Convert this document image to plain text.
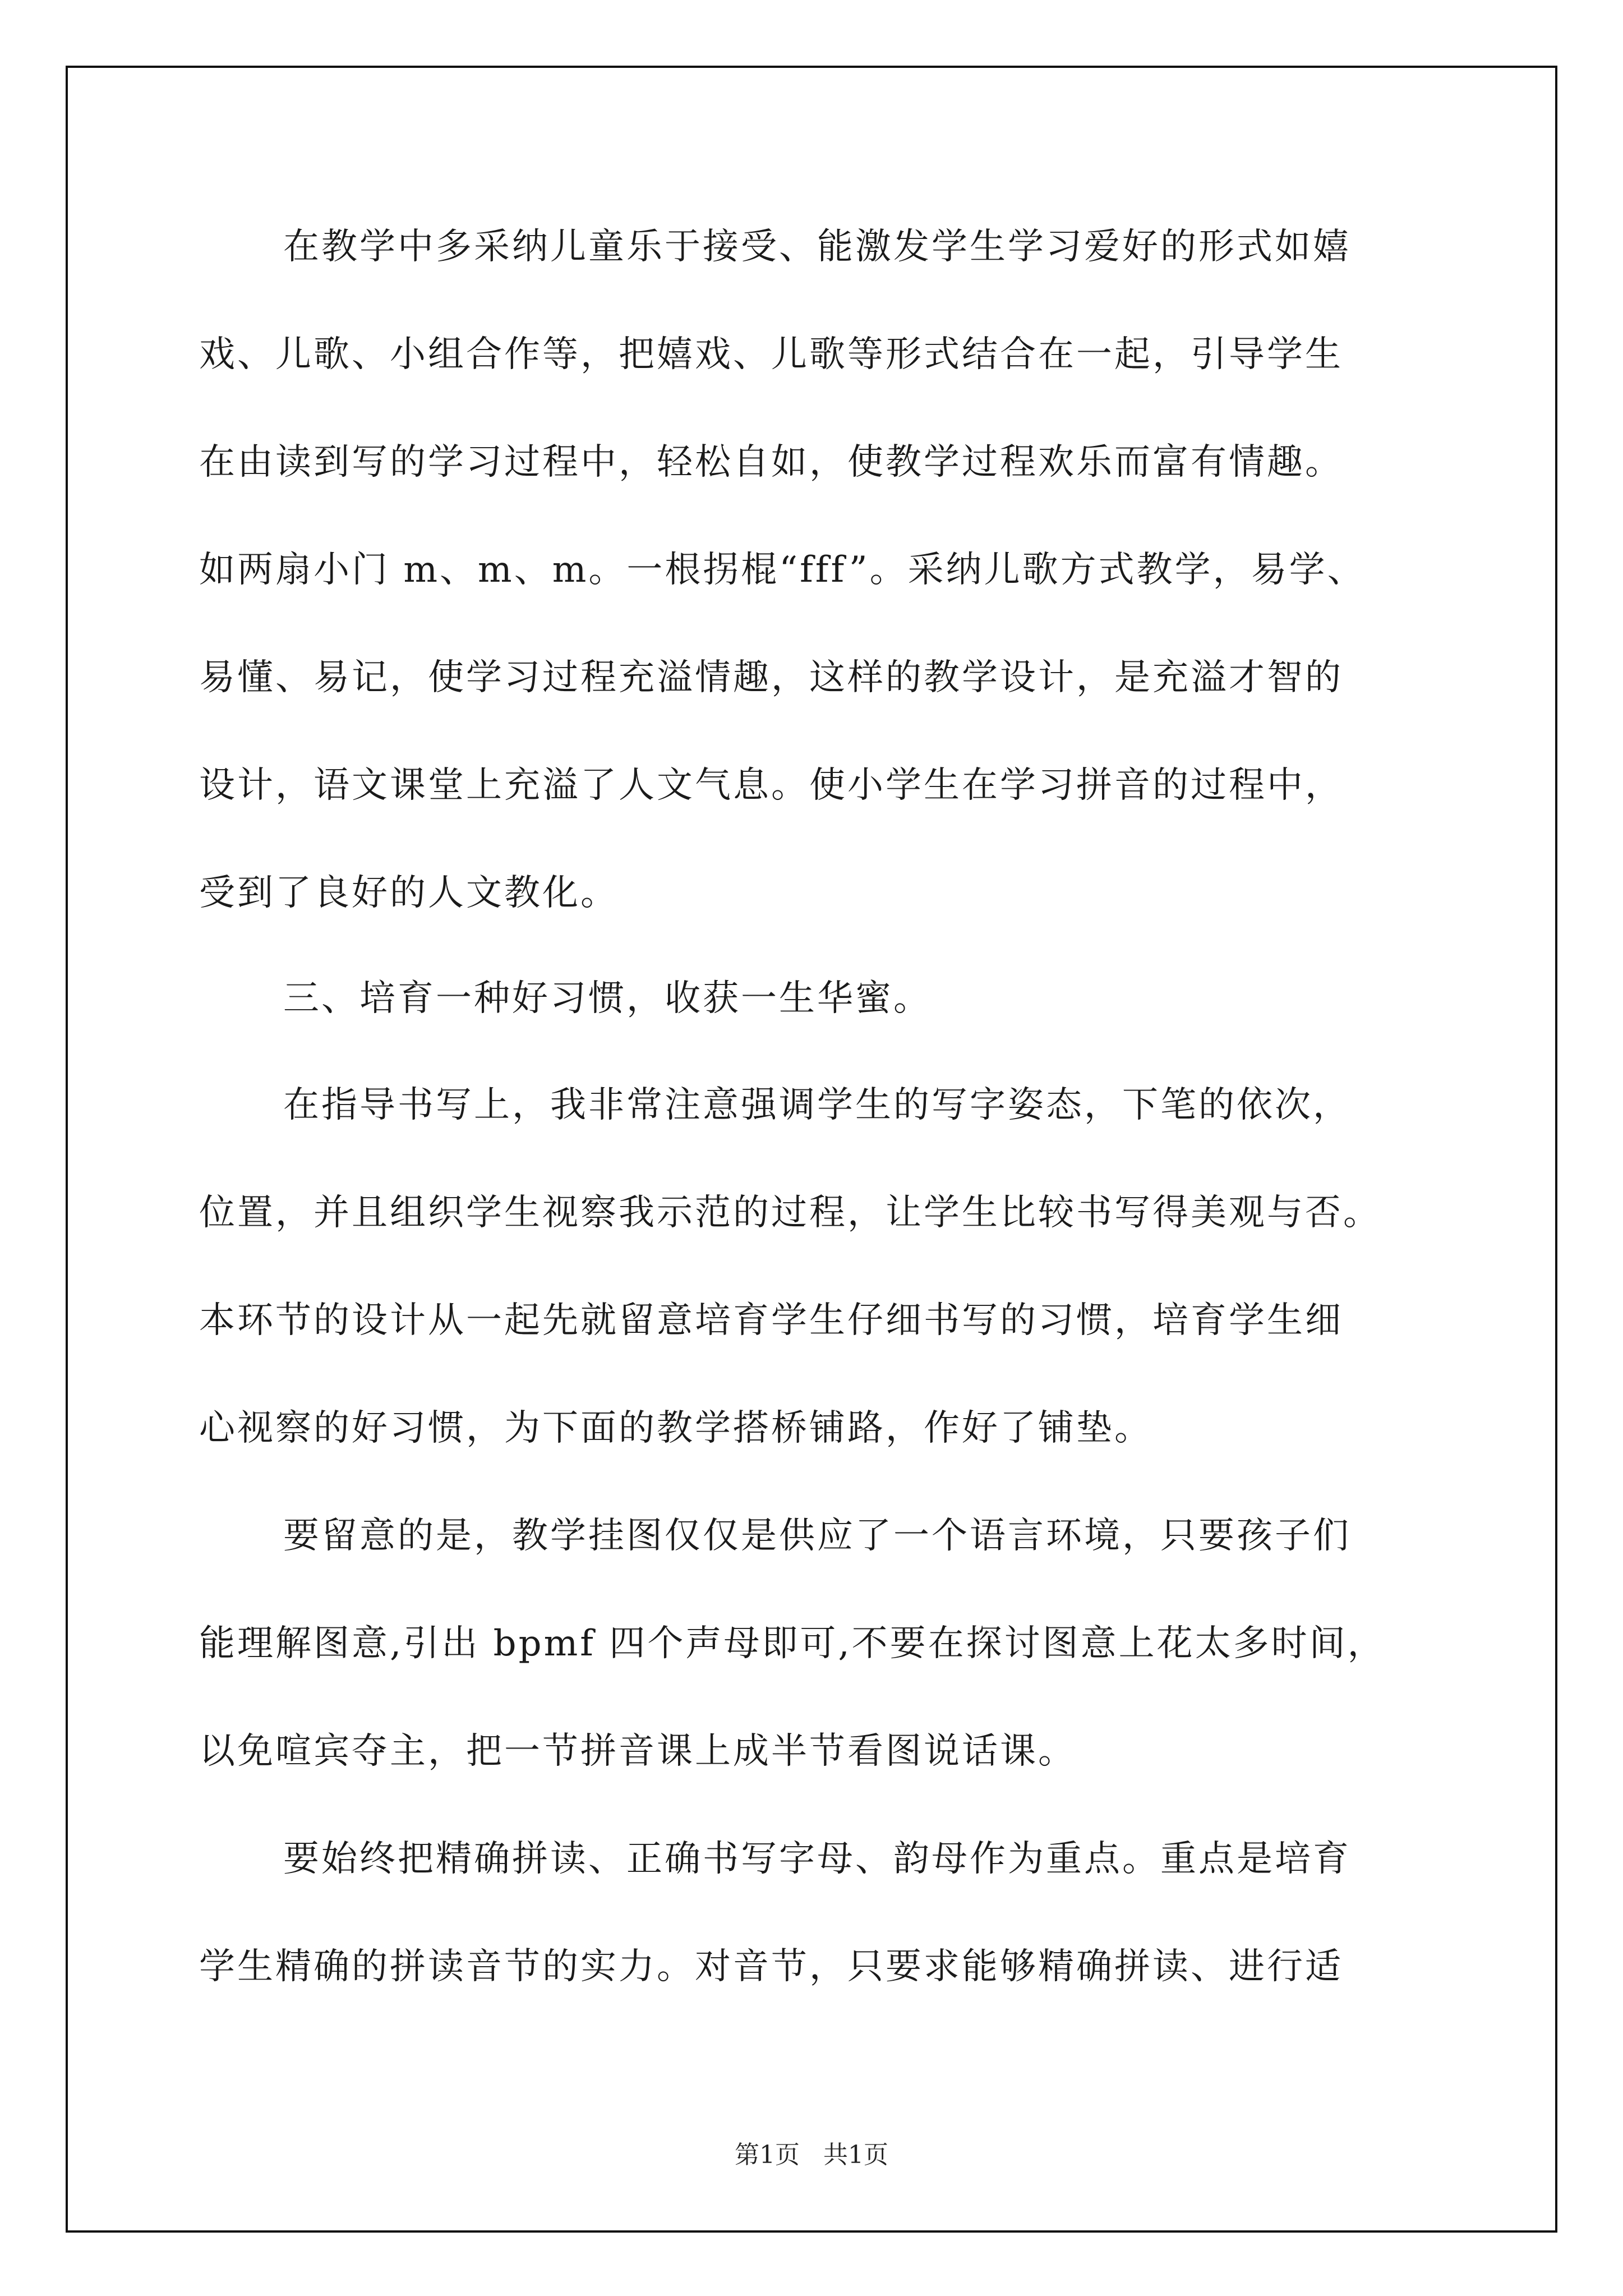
在教学中多采纳儿童乐于接受、能激发学生学习爱好的形式如嬉
戏、儿歌、小组合作等，把嬉戏、儿歌等形式结合在一起，引导学生
在由读到写的学习过程中，轻松自如，使教学过程欢乐而富有情趣。
如两扇小门 m、m、m。一根拐棍“fff”。采纳儿歌方式教学，易学、
易懂、易记，使学习过程充溢情趣，这样的教学设计，是充溢才智的
设计，语文课堂上充溢了人文气息。使小学生在学习拼音的过程中，
受到了良好的人文教化。
三、培育一种好习惯，收获一生华蜜。
在指导书写上，我非常注意强调学生的写字姿态，下笔的依次，
位置，并且组织学生视察我示范的过程，让学生比较书写得美观与否。
本环节的设计从一起先就留意培育学生仔细书写的习惯，培育学生细
心视察的好习惯，为下面的教学搭桥铺路，作好了铺垫。
要留意的是，教学挂图仅仅是供应了一个语言环境，只要孩子们
能理解图意,引出 bpmf 四个声母即可,不要在探讨图意上花太多时间，
以免喧宾夺主，把一节拼音课上成半节看图说话课。
要始终把精确拼读、正确书写字母、韵母作为重点。重点是培育
学生精确的拼读音节的实力。对音节，只要求能够精确拼读、进行适
第1页   共1页
